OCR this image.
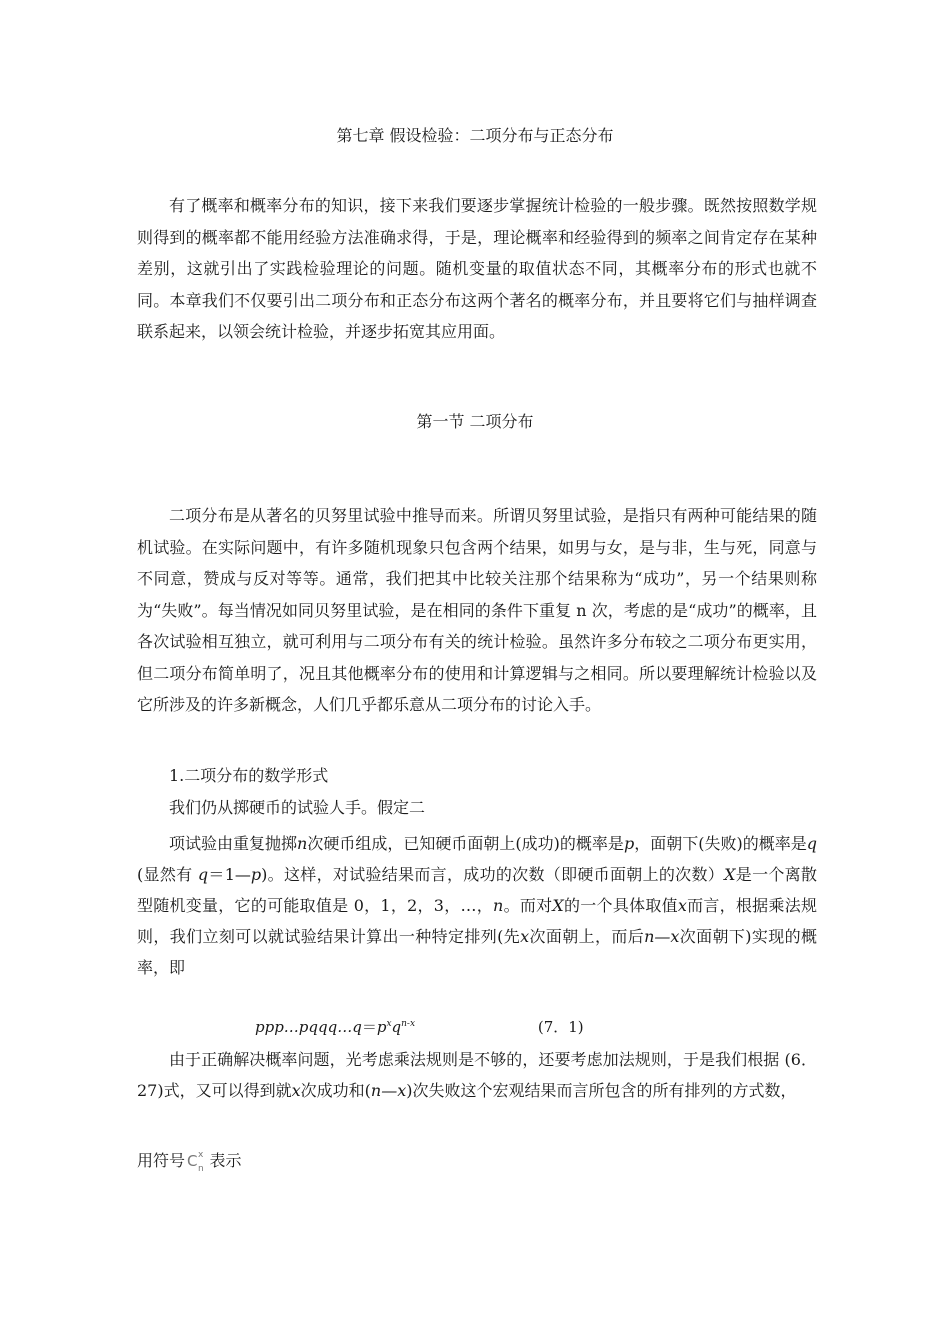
第七章 假设检验：二项分布与正态分布

有了概率和概率分布的知识，接下来我们要逐步掌握统计检验的一般步骤。既然按照数学规则得到的概率都不能用经验方法准确求得，于是，理论概率和经验得到的频率之间肯定存在某种差别，这就引出了实践检验理论的问题。随机变量的取值状态不同，其概率分布的形式也就不同。本章我们不仅要引出二项分布和正态分布这两个著名的概率分布，并且要将它们与抽样调查联系起来，以领会统计检验，并逐步拓宽其应用面。

第一节 二项分布

二项分布是从著名的贝努里试验中推导而来。所谓贝努里试验，是指只有两种可能结果的随机试验。在实际问题中，有许多随机现象只包含两个结果，如男与女，是与非，生与死，同意与不同意，赞成与反对等等。通常，我们把其中比较关注那个结果称为“成功”，另一个结果则称为“失败”。每当情况如同贝努里试验，是在相同的条件下重复 n 次，考虑的是“成功”的概率，且各次试验相互独立，就可利用与二项分布有关的统计检验。虽然许多分布较之二项分布更实用，但二项分布简单明了，况且其他概率分布的使用和计算逻辑与之相同。所以要理解统计检验以及它所涉及的许多新概念，人们几乎都乐意从二项分布的讨论入手。

1.二项分布的数学形式
我们仍从掷硬币的试验人手。假定二

项试验由重复抛掷n次硬币组成，已知硬币面朝上(成功)的概率是p，面朝下(失败)的概率是q (显然有 q＝1—p)。这样，对试验结果而言，成功的次数（即硬币面朝上的次数）X是一个离散型随机变量，它的可能取值是 0，1，2，3，…，n。而对X的一个具体取值x而言，根据乘法规则，我们立刻可以就试验结果计算出一种特定排列(先x次面朝上，而后n—x次面朝下)实现的概率，即

$ppp\dots pqqq\dots q=p^xq^{n-x}$	(7．1)

由于正确解决概率问题，光考虑乘法规则是不够的，还要考虑加法规则，于是我们根据 (6．27)式，又可以得到就x次成功和(n—x)次失败这个宏观结果而言所包含的所有排列的方式数，

用符号 C x
n 表示
